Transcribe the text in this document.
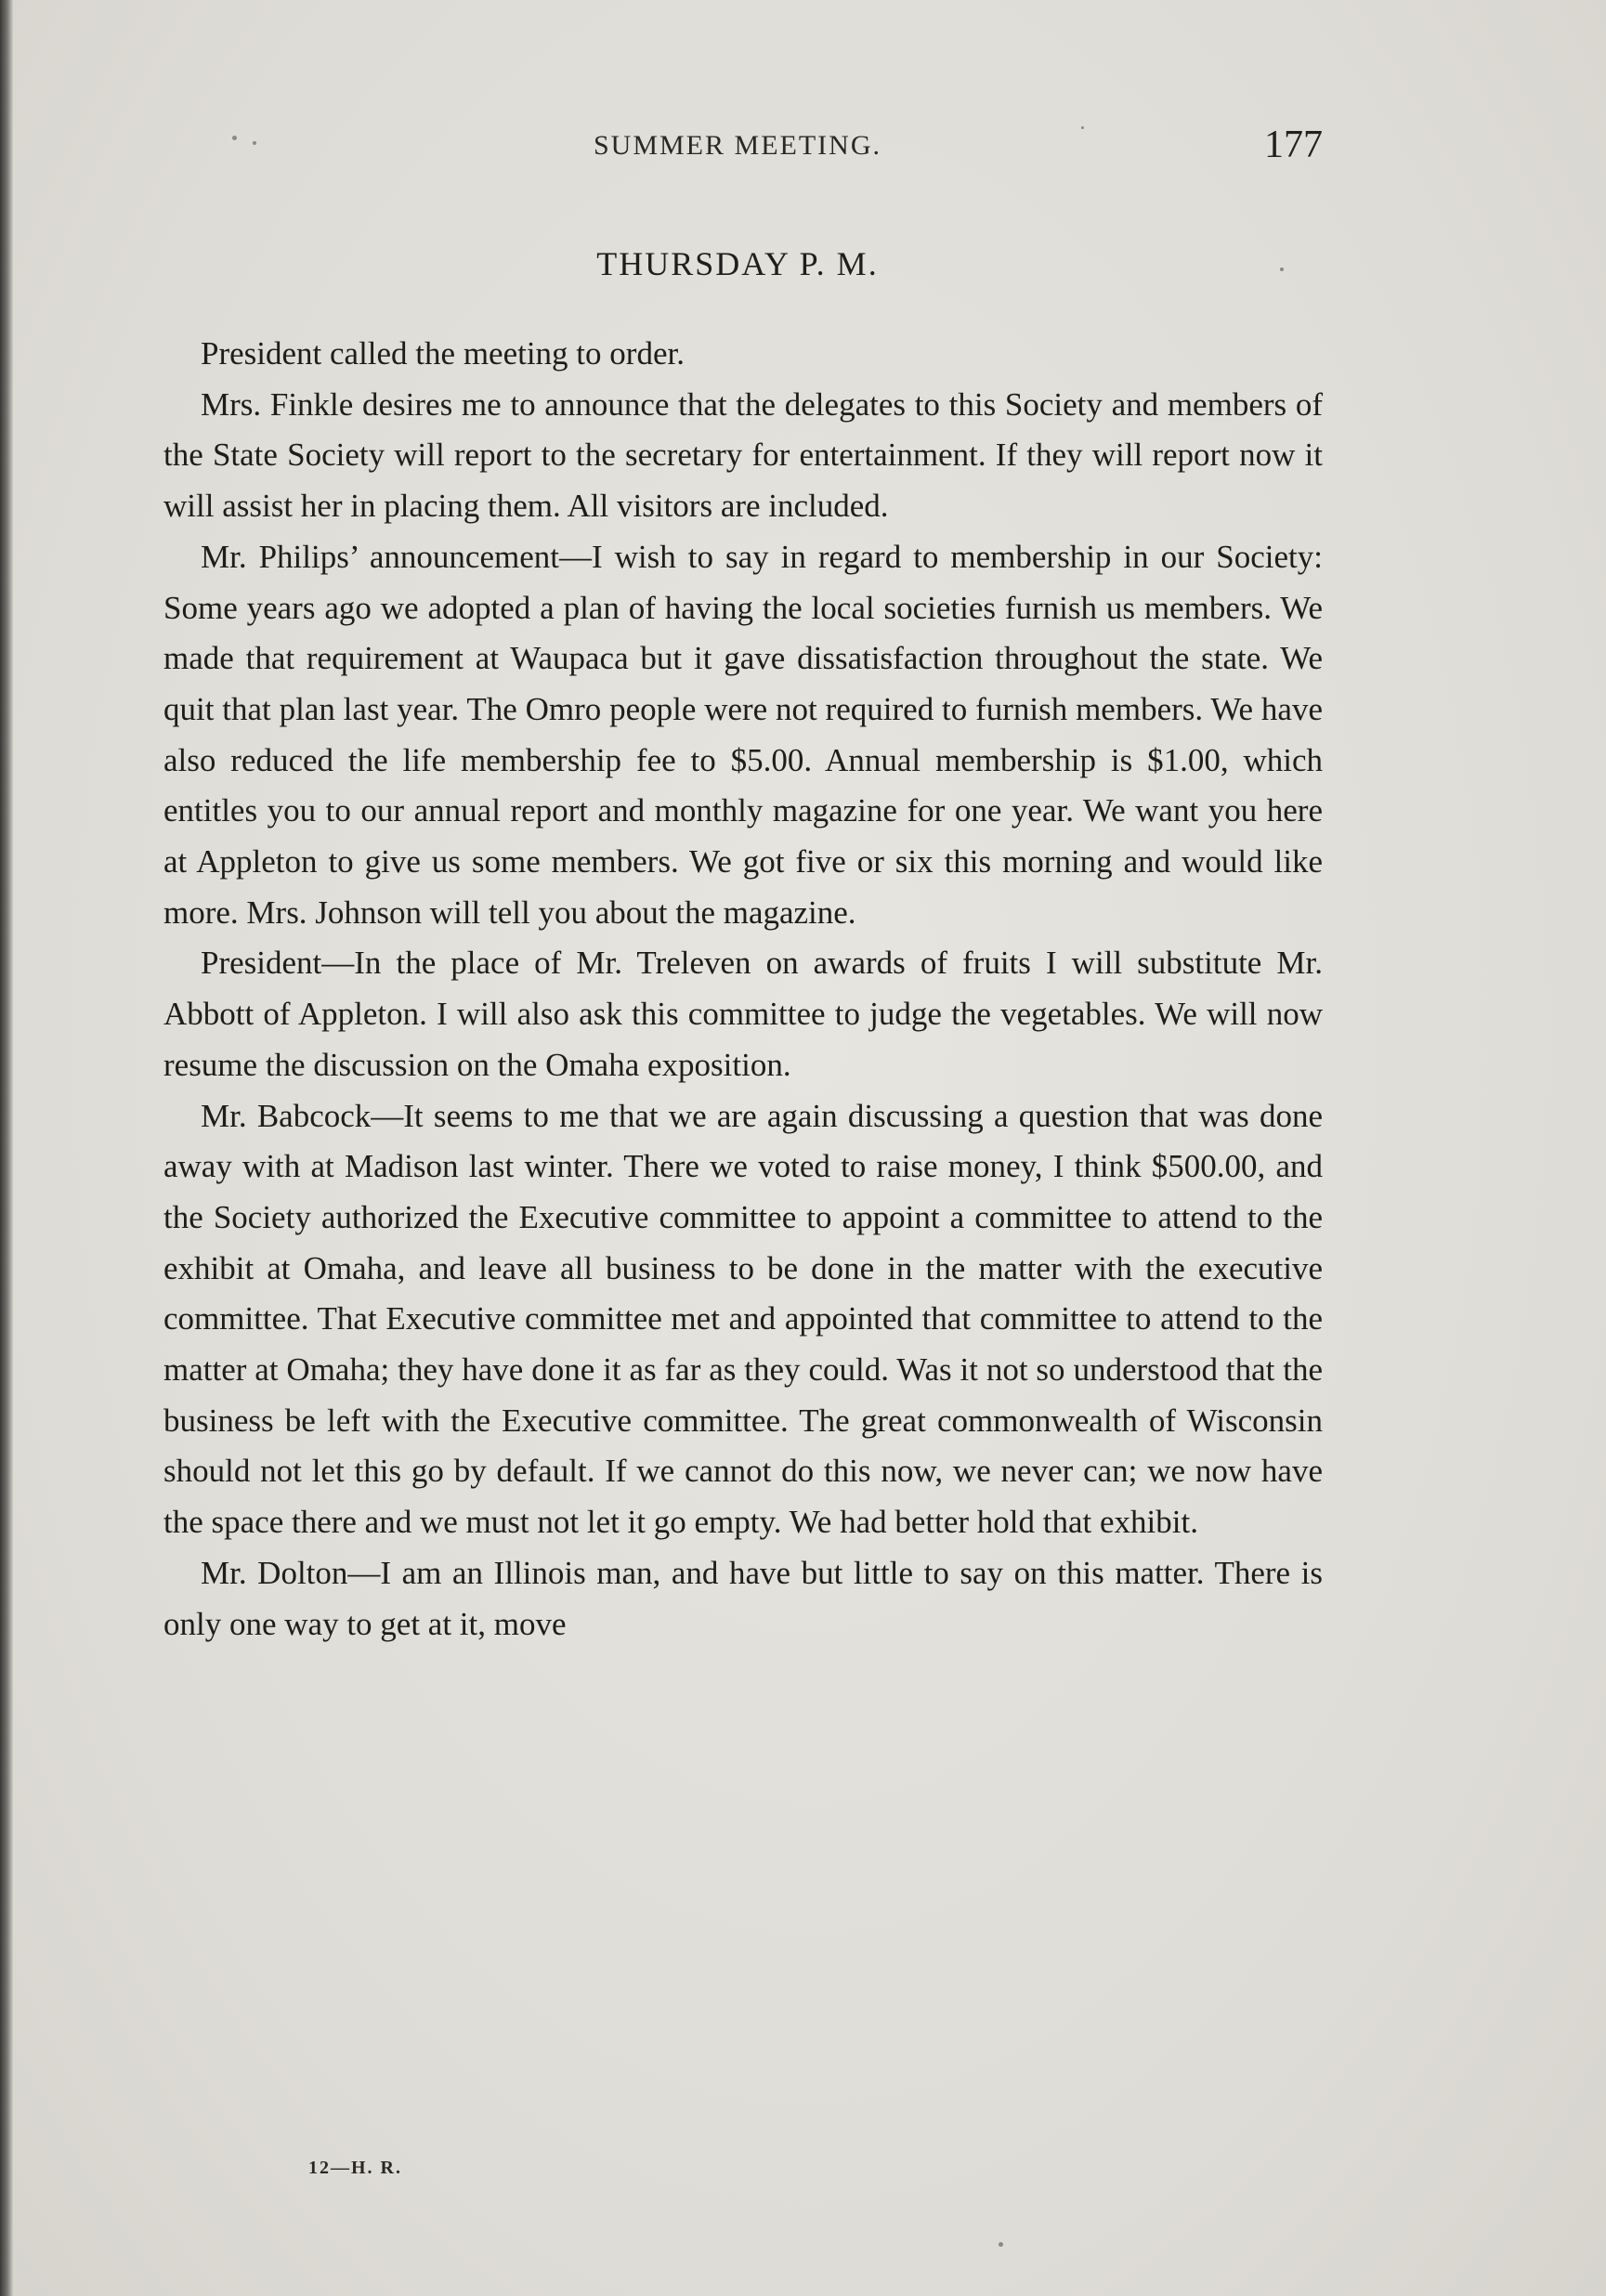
SUMMER MEETING.	177
THURSDAY P. M.

President called the meeting to order.

Mrs. Finkle desires me to announce that the delegates to this Society and members of the State Society will report to the secretary for entertainment. If they will report now it will assist her in placing them. All visitors are included.

Mr. Philips’ announcement—I wish to say in regard to membership in our Society: Some years ago we adopted a plan of having the local societies furnish us members. We made that requirement at Waupaca but it gave dissatisfaction throughout the state. We quit that plan last year. The Omro people were not required to furnish members. We have also reduced the life membership fee to $5.00. Annual membership is $1.00, which entitles you to our annual report and monthly magazine for one year. We want you here at Appleton to give us some members. We got five or six this morning and would like more. Mrs. Johnson will tell you about the magazine.

President—In the place of Mr. Treleven on awards of fruits I will substitute Mr. Abbott of Appleton. I will also ask this committee to judge the vegetables. We will now resume the discussion on the Omaha exposition.

Mr. Babcock—It seems to me that we are again discussing a question that was done away with at Madison last winter. There we voted to raise money, I think $500.00, and the Society authorized the Executive committee to appoint a committee to attend to the exhibit at Omaha, and leave all business to be done in the matter with the executive committee. That Executive committee met and appointed that committee to attend to the matter at Omaha; they have done it as far as they could. Was it not so understood that the business be left with the Executive committee. The great commonwealth of Wisconsin should not let this go by default. If we cannot do this now, we never can; we now have the space there and we must not let it go empty. We had better hold that exhibit.

Mr. Dolton—I am an Illinois man, and have but little to say on this matter. There is only one way to get at it, move

12—H. R.
